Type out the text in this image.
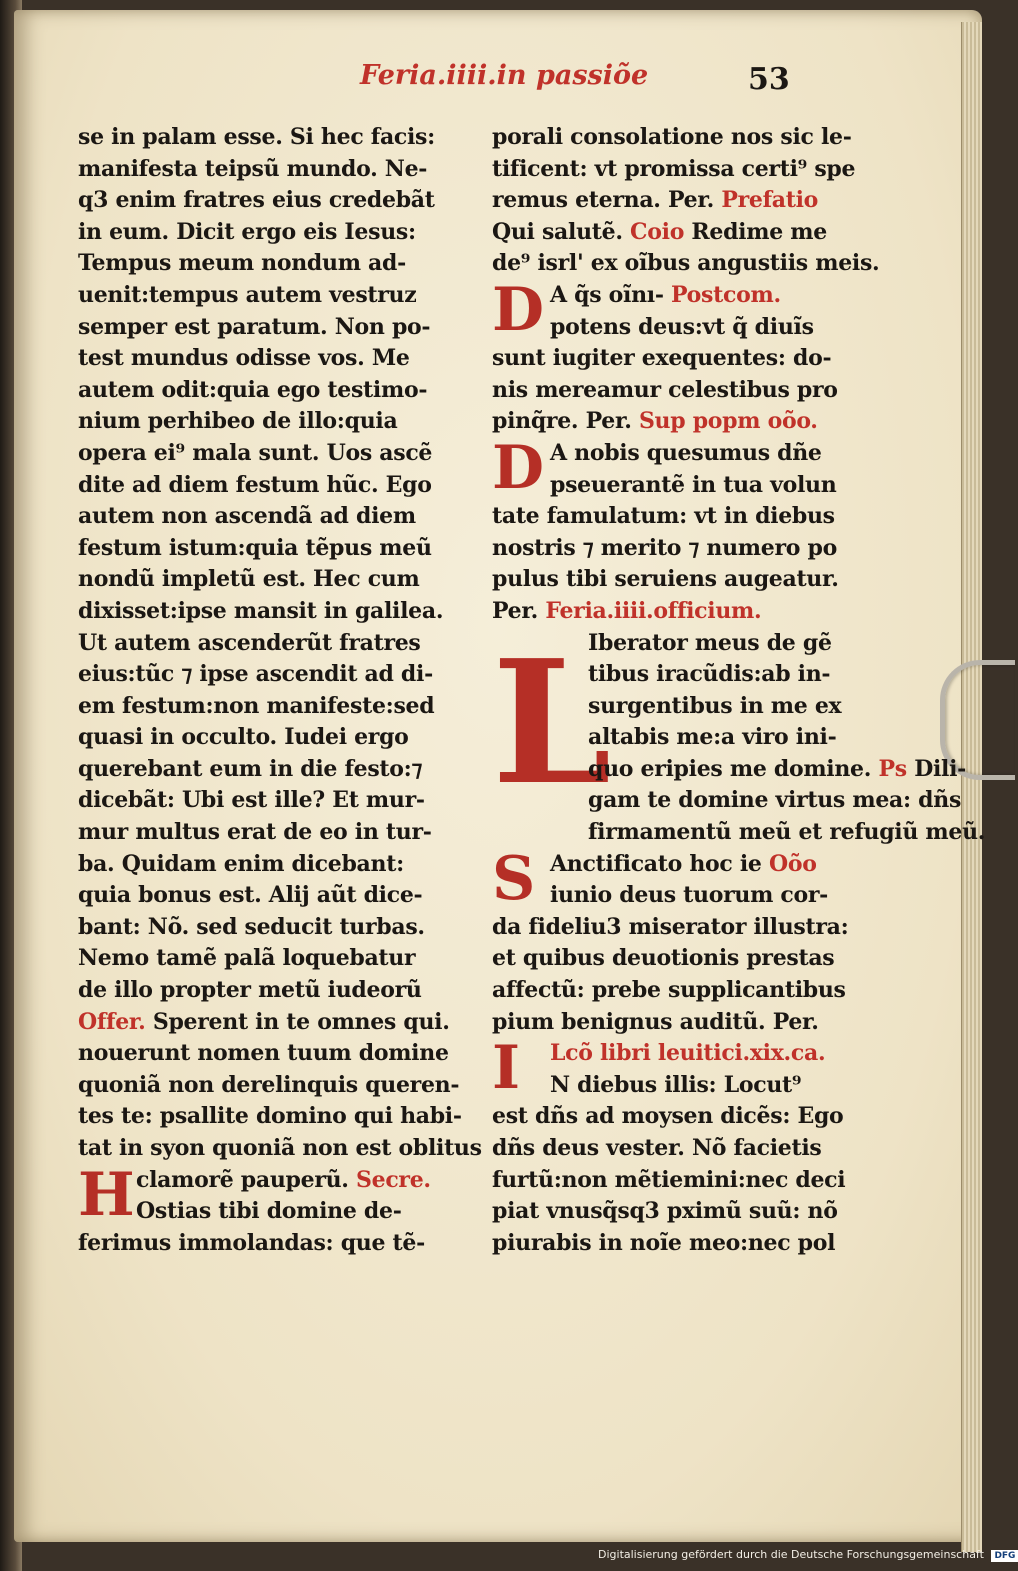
Feria.iiii.in passiõe	53
se in palam esse. Si hec facis:
manifesta teipsũ mundo. Ne-
q3 enim fratres eius credebãt
in eum. Dicit ergo eis Iesus:
Tempus meum nondum ad-
uenit:tempus autem vestruz
semper est paratum. Non po-
test mundus odisse vos. Me
autem odit:quia ego testimo-
nium perhibeo de illo:quia
opera ei⁹ mala sunt. Uos ascẽ
dite ad diem festum hũc. Ego
autem non ascendã ad diem
festum istum:quia tẽpus meũ
nondũ impletũ est. Hec cum
dixisset:ipse mansit in galilea.
Ut autem ascenderũt fratres
eius:tũc ⁊ ipse ascendit ad di-
em festum:non manifeste:sed
quasi in occulto. Iudei ergo
querebant eum in die festo:⁊
dicebãt: Ubi est ille? Et mur-
mur multus erat de eo in tur-
ba. Quidam enim dicebant:
quia bonus est. Alij aũt dice-
bant: Nõ. sed seducit turbas.
Nemo tamẽ palã loquebatur
de illo propter metũ iudeorũ
Offer. Sperent in te omnes qui.
nouerunt nomen tuum domine
quoniã non derelinquis queren-
tes te: psallite domino qui habi-
tat in syon quoniã non est oblitus
H clamorẽ pauperũ. Secre.
Ostias tibi domine de-
ferimus immolandas: que tẽ-
porali consolatione nos sic le-
tificent: vt promissa certi⁹ spe
remus eterna. Per. Prefatio
Qui salutẽ. Coio Redime me
de⁹ isrl' ex oĩbus angustiis meis.
D A q̃s oĩnı- Postcom.
potens deus:vt q̃ diuĩs
sunt iugiter exequentes: do-
nis mereamur celestibus pro
pinq̃re. Per. Sup popm oõo.
D A nobis quesumus dñe
pseuerantẽ in tua volun
tate famulatum: vt in diebus
nostris ⁊ merito ⁊ numero po
pulus tibi seruiens augeatur.
Per. Feria.iiii.officium.
L
Iberator meus de gẽ
tibus iracũdis:ab in-
surgentibus in me ex
altabis me:a viro ini-
quo eripies me domine. Ps Dili-
gam te domine virtus mea: dñs
firmamentũ meũ et refugiũ meũ.
S Anctificato hoc ie Oõo
iunio deus tuorum cor-
da fideliu3 miserator illustra:
et quibus deuotionis prestas
affectũ: prebe supplicantibus
pium benignus auditũ. Per.
I	Lcõ libri leuitici.xix.ca.
N diebus illis: Locut⁹
est dñs ad moysen dicẽs: Ego
dñs deus vester. Nõ facietis
furtũ:non mẽtiemini:nec deci
piat vnusq̃sq3 pximũ suũ: nõ
piurabis in noĩe meo:nec pol
Digitalisierung gefördert durch die Deutsche Forschungsgemeinschaft DFG
